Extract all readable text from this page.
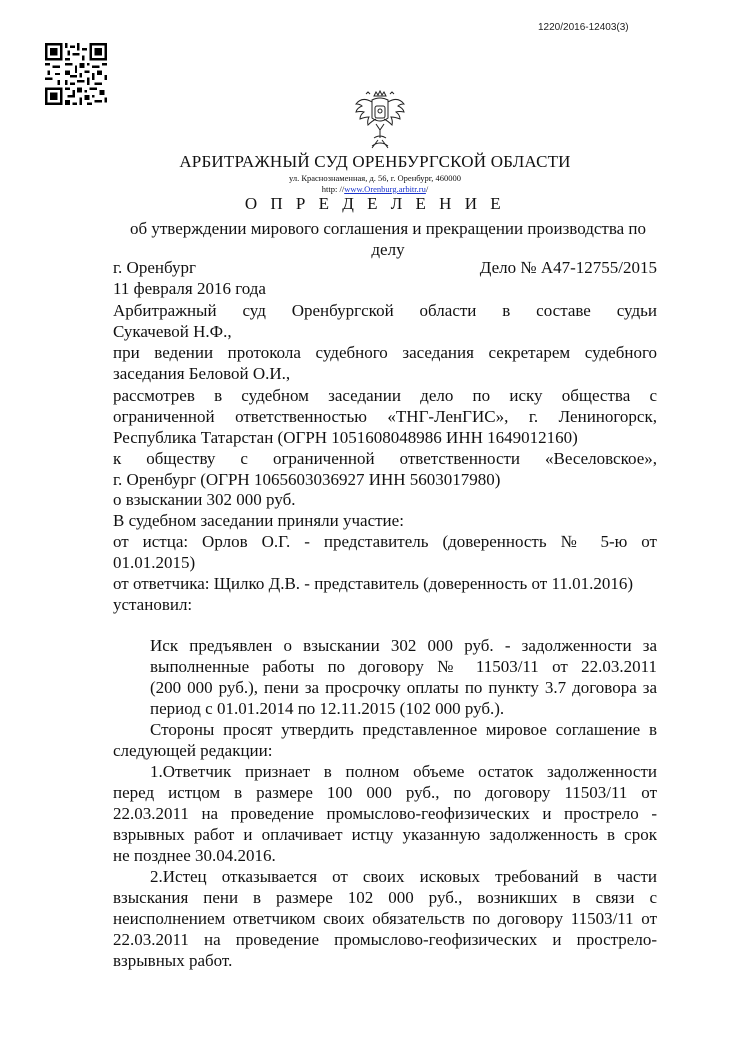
1220/2016-12403(3)
АРБИТРАЖНЫЙ СУД ОРЕНБУРГСКОЙ ОБЛАСТИ
ул. Краснознаменная, д. 56, г. Оренбург, 460000
http: //www.Orenburg.arbitr.ru/
О П Р Е Д Е Л Е Н И Е
об утверждении мирового соглашения и прекращении производства по делу
г. Оренбург	Дело № А47-12755/2015
11 февраля 2016 года
Арбитражный суд Оренбургской области в составе судьи
Сукачевой Н.Ф.,
при ведении протокола судебного заседания секретарем судебного
заседания Беловой О.И.,
рассмотрев в судебном заседании дело по иску общества с
ограниченной ответственностью «ТНГ-ЛенГИС», г. Лениногорск,
Республика Татарстан (ОГРН 1051608048986 ИНН 1649012160)
к обществу с ограниченной ответственности «Веселовское»,
г. Оренбург (ОГРН 1065603036927 ИНН 5603017980)
о взыскании 302 000 руб.
В судебном заседании приняли участие:
от истца: Орлов О.Г. - представитель (доверенность № 5-ю от
01.01.2015)
от ответчика: Щилко Д.В. - представитель (доверенность от 11.01.2016)
установил:
Иск предъявлен о взыскании 302 000 руб. - задолженности за
выполненные работы по договору № 11503/11 от 22.03.2011
(200 000 руб.), пени за просрочку оплаты по пункту 3.7 договора за
период с 01.01.2014 по 12.11.2015 (102 000 руб.).
Стороны просят утвердить представленное мировое соглашение в
следующей редакции:
1.Ответчик признает в полном объеме остаток задолженности
перед истцом в размере 100 000 руб., по договору 11503/11 от
22.03.2011 на проведение промыслово-геофизических и прострело -
взрывных работ и оплачивает истцу указанную задолженность в срок
не позднее 30.04.2016.
2.Истец отказывается от своих исковых требований в части
взыскания пени в размере 102 000 руб., возникших в связи с
неисполнением ответчиком своих обязательств по договору 11503/11 от
22.03.2011 на проведение промыслово-геофизических и прострело-
взрывных работ.
